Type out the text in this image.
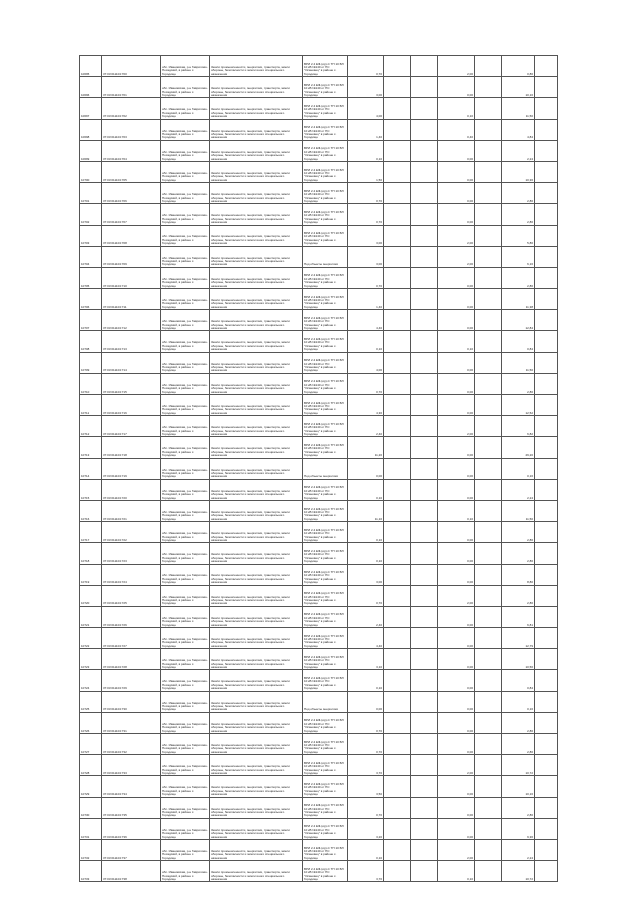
10695	37:03:011104:700	обл. Ивановская, р-н Гаврилово-Посадский, в районе с. Городище	Земли промышленности, энергетики, транспорта, земли обороны, безопасности и земли иного специального назначения	ВРИ 2.4 ЕФ-(ир)-С ТП 10 ВЛ 10 кВ №140 от ПС "Осановец" в районе с. Городище	0,70			2,00		0,86	
10696	37:03:011104:701	обл. Ивановская, р-н Гаврилово-Посадский, в районе с. Городище	Земли промышленности, энергетики, транспорта, земли обороны, безопасности и земли иного специального назначения	ВРИ 2.4 ЕФ-(ир)-С ТП 10 ВЛ 10 кВ №140 от ПС "Осановец" в районе с. Городище	3,00			0,00		10,16	
10697	37:03:011104:702	обл. Ивановская, р-н Гаврилово-Посадский, в районе с. Городище	Земли промышленности, энергетики, транспорта, земли обороны, безопасности и земли иного специального назначения	ВРИ 2.4 ЕФ-(ир)-С ТП 10 ВЛ 10 кВ №140 от ПС "Осановец" в районе с. Городище	4,00			0,10		11,50	
10698	37:03:011104:703	обл. Ивановская, р-н Гаврилово-Посадский, в районе с. Городище	Земли промышленности, энергетики, транспорта, земли обороны, безопасности и земли иного специального назначения	ВРИ 2.4 ЕФ-(ир)-С ТП 10 ВЛ 10 кВ №140 от ПС "Осановец" в районе с. Городище	1,40			0,40		4,84	
10699	37:03:011104:704	обл. Ивановская, р-н Гаврилово-Посадский, в районе с. Городище	Земли промышленности, энергетики, транспорта, земли обороны, безопасности и земли иного специального назначения	ВРИ 2.4 ЕФ-(ир)-С ТП 10 ВЛ 10 кВ №140 от ПС "Осановец" в районе с. Городище	0,10			0,00		2,24	
10700	37:03:011104:705	обл. Ивановская, р-н Гаврилово-Посадский, в районе с. Городище	Земли промышленности, энергетики, транспорта, земли обороны, безопасности и земли иного специального назначения	ВРИ 2.4 ЕФ-(ир)-С ТП 10 ВЛ 10 кВ №140 от ПС "Осановец" в районе с. Городище	1,50			0,00		10,36	
10701	37:03:011104:706	обл. Ивановская, р-н Гаврилово-Посадский, в районе с. Городище	Земли промышленности, энергетики, транспорта, земли обороны, безопасности и земли иного специального назначения	ВРИ 2.4 ЕФ-(ир)-С ТП 10 ВЛ 10 кВ №140 от ПС "Осановец" в районе с. Городище	0,70			0,00		2,86	
10702	37:03:011104:707	обл. Ивановская, р-н Гаврилово-Посадский, в районе с. Городище	Земли промышленности, энергетики, транспорта, земли обороны, безопасности и земли иного специального назначения	ВРИ 2.4 ЕФ-(ир)-С ТП 10 ВЛ 10 кВ №140 от ПС "Осановец" в районе с. Городище	0,70			0,00		2,86	
10703	37:03:011104:708	обл. Ивановская, р-н Гаврилово-Посадский, в районе с. Городище	Земли промышленности, энергетики, транспорта, земли обороны, безопасности и земли иного специального назначения	ВРИ 2.4 ЕФ-(ир)-С ТП 10 ВЛ 10 кВ №140 от ПС "Осановец" в районе с. Городище	3,00			2,00		5,86	
10704	37:03:011104:709	обл. Ивановская, р-н Гаврилово-Посадский, в районе с. Городище	Земли промышленности, энергетики, транспорта, земли обороны, безопасности и земли иного специального назначения	Под объекты энергетики	3,00			2,00		6,16	
10705	37:03:011104:710	обл. Ивановская, р-н Гаврилово-Посадский, в районе с. Городище	Земли промышленности, энергетики, транспорта, земли обороны, безопасности и земли иного специального назначения	ВРИ 2.4 ЕФ-(ир)-С ТП 10 ВЛ 10 кВ №140 от ПС "Осановец" в районе с. Городище	0,70			0,00		2,86	
10706	37:03:011104:711	обл. Ивановская, р-н Гаврилово-Посадский, в районе с. Городище	Земли промышленности, энергетики, транспорта, земли обороны, безопасности и земли иного специального назначения	ВРИ 2.4 ЕФ-(ир)-С ТП 10 ВЛ 10 кВ №140 от ПС "Осановец" в районе с. Городище	1,40			0,00		11,38	
10707	37:03:011104:712	обл. Ивановская, р-н Гаврилово-Посадский, в районе с. Городище	Земли промышленности, энергетики, транспорта, земли обороны, безопасности и земли иного специального назначения	ВРИ 2.4 ЕФ-(ир)-С ТП 10 ВЛ 10 кВ №140 от ПС "Осановец" в районе с. Городище	4,40			0,00		12,84	
10708	37:03:011104:713	обл. Ивановская, р-н Гаврилово-Посадский, в районе с. Городище	Земли промышленности, энергетики, транспорта, земли обороны, безопасности и земли иного специального назначения	ВРИ 2.4 ЕФ-(ир)-С ТП 10 ВЛ 10 кВ №140 от ПС "Осановец" в районе с. Городище	0,10			0,10		0,84	
10709	37:03:011104:714	обл. Ивановская, р-н Гаврилово-Посадский, в районе с. Городище	Земли промышленности, энергетики, транспорта, земли обороны, безопасности и земли иного специального назначения	ВРИ 2.4 ЕФ-(ир)-С ТП 10 ВЛ 10 кВ №140 от ПС "Осановец" в районе с. Городище	4,00			0,00		11,50	
10710	37:03:011104:715	обл. Ивановская, р-н Гаврилово-Посадский, в районе с. Городище	Земли промышленности, энергетики, транспорта, земли обороны, безопасности и земли иного специального назначения	ВРИ 2.4 ЕФ-(ир)-С ТП 10 ВЛ 10 кВ №140 от ПС "Осановец" в районе с. Городище	0,70			0,00		2,86	
10711	37:03:011104:716	обл. Ивановская, р-н Гаврилово-Посадский, в районе с. Городище	Земли промышленности, энергетики, транспорта, земли обороны, безопасности и земли иного специального назначения	ВРИ 2.4 ЕФ-(ир)-С ТП 10 ВЛ 10 кВ №140 от ПС "Осановец" в районе с. Городище	4,30			0,00		12,52	
10712	37:03:011104:717	обл. Ивановская, р-н Гаврилово-Посадский, в районе с. Городище	Земли промышленности, энергетики, транспорта, земли обороны, безопасности и земли иного специального назначения	ВРИ 2.4 ЕФ-(ир)-С ТП 10 ВЛ 10 кВ №140 от ПС "Осановец" в районе с. Городище	2,40			2,00		6,82	
10713	37:03:011104:718	обл. Ивановская, р-н Гаврилово-Посадский, в районе с. Городище	Земли промышленности, энергетики, транспорта, земли обороны, безопасности и земли иного специального назначения	ВРИ 2.4 ЕФ-(ир)-С ТП 10 ВЛ 10 кВ №140 от ПС "Осановец" в районе с. Городище	11,20			0,00		29,20	
10714	37:03:011104:719	обл. Ивановская, р-н Гаврилово-Посадский, в районе с. Городище	Земли промышленности, энергетики, транспорта, земли обороны, безопасности и земли иного специального назначения	Под объекты энергетики	0,00			0,00		0,16	
10715	37:03:011104:720	обл. Ивановская, р-н Гаврилово-Посадский, в районе с. Городище	Земли промышленности, энергетики, транспорта, земли обороны, безопасности и земли иного специального назначения	ВРИ 2.4 ЕФ-(ир)-С ТП 10 ВЛ 10 кВ №140 от ПС "Осановец" в районе с. Городище	0,10			0,00		2,24	
10716	37:03:011104:721	обл. Ивановская, р-н Гаврилово-Посадский, в районе с. Городище	Земли промышленности, энергетики, транспорта, земли обороны, безопасности и земли иного специального назначения	ВРИ 2.4 ЕФ-(ир)-С ТП 10 ВЛ 10 кВ №140 от ПС "Осановец" в районе с. Городище	11,10			0,10		11,50	
10717	37:03:011104:722	обл. Ивановская, р-н Гаврилово-Посадский, в районе с. Городище	Земли промышленности, энергетики, транспорта, земли обороны, безопасности и земли иного специального назначения	ВРИ 2.4 ЕФ-(ир)-С ТП 10 ВЛ 10 кВ №140 от ПС "Осановец" в районе с. Городище	0,10			0,00		2,86	
10718	37:03:011104:723	обл. Ивановская, р-н Гаврилово-Посадский, в районе с. Городище	Земли промышленности, энергетики, транспорта, земли обороны, безопасности и земли иного специального назначения	ВРИ 2.4 ЕФ-(ир)-С ТП 10 ВЛ 10 кВ №140 от ПС "Осановец" в районе с. Городище	0,10			0,00		2,86	
10719	37:03:011104:724	обл. Ивановская, р-н Гаврилово-Посадский, в районе с. Городище	Земли промышленности, энергетики, транспорта, земли обороны, безопасности и земли иного специального назначения	ВРИ 2.4 ЕФ-(ир)-С ТП 10 ВЛ 10 кВ №140 от ПС "Осановец" в районе с. Городище	3,00			0,00		8,80	
10720	37:03:011104:725	обл. Ивановская, р-н Гаврилово-Посадский, в районе с. Городище	Земли промышленности, энергетики, транспорта, земли обороны, безопасности и земли иного специального назначения	ВРИ 2.4 ЕФ-(ир)-С ТП 10 ВЛ 10 кВ №140 от ПС "Осановец" в районе с. Городище	0,70			2,00		2,86	
10721	37:03:011104:726	обл. Ивановская, р-н Гаврилово-Посадский, в районе с. Городище	Земли промышленности, энергетики, транспорта, земли обороны, безопасности и земли иного специального назначения	ВРИ 2.4 ЕФ-(ир)-С ТП 10 ВЛ 10 кВ №140 от ПС "Осановец" в районе с. Городище	2,40			0,00		6,81	
10722	37:03:011104:727	обл. Ивановская, р-н Гаврилово-Посадский, в районе с. Городище	Земли промышленности, энергетики, транспорта, земли обороны, безопасности и земли иного специального назначения	ВРИ 2.4 ЕФ-(ир)-С ТП 10 ВЛ 10 кВ №140 от ПС "Осановец" в районе с. Городище	4,40			0,00		12,79	
10723	37:03:011104:728	обл. Ивановская, р-н Гаврилово-Посадский, в районе с. Городище	Земли промышленности, энергетики, транспорта, земли обороны, безопасности и земли иного специального назначения	ВРИ 2.4 ЕФ-(ир)-С ТП 10 ВЛ 10 кВ №140 от ПС "Осановец" в районе с. Городище	3,10			0,00		10,56	
10724	37:03:011104:729	обл. Ивановская, р-н Гаврилово-Посадский, в районе с. Городище	Земли промышленности, энергетики, транспорта, земли обороны, безопасности и земли иного специального назначения	ВРИ 2.4 ЕФ-(ир)-С ТП 10 ВЛ 10 кВ №140 от ПС "Осановец" в районе с. Городище	0,10			0,00		0,84	
10725	37:03:011104:730	обл. Ивановская, р-н Гаврилово-Посадский, в районе с. Городище	Земли промышленности, энергетики, транспорта, земли обороны, безопасности и земли иного специального назначения	Под объекты энергетики	0,00			0,00		0,16	
10726	37:03:011104:731	обл. Ивановская, р-н Гаврилово-Посадский, в районе с. Городище	Земли промышленности, энергетики, транспорта, земли обороны, безопасности и земли иного специального назначения	ВРИ 2.4 ЕФ-(ир)-С ТП 10 ВЛ 10 кВ №140 от ПС "Осановец" в районе с. Городище	0,70			0,00		2,86	
10727	37:03:011104:732	обл. Ивановская, р-н Гаврилово-Посадский, в районе с. Городище	Земли промышленности, энергетики, транспорта, земли обороны, безопасности и земли иного специального назначения	ВРИ 2.4 ЕФ-(ир)-С ТП 10 ВЛ 10 кВ №140 от ПС "Осановец" в районе с. Городище	0,70			0,00		2,86	
10728	37:03:011104:733	обл. Ивановская, р-н Гаврилово-Посадский, в районе с. Городище	Земли промышленности, энергетики, транспорта, земли обороны, безопасности и земли иного специального назначения	ВРИ 2.4 ЕФ-(ир)-С ТП 10 ВЛ 10 кВ №140 от ПС "Осановец" в районе с. Городище	3,70			2,00		10,72	
10729	37:03:011104:734	обл. Ивановская, р-н Гаврилово-Посадский, в районе с. Городище	Земли промышленности, энергетики, транспорта, земли обороны, безопасности и земли иного специального назначения	ВРИ 2.4 ЕФ-(ир)-С ТП 10 ВЛ 10 кВ №140 от ПС "Осановец" в районе с. Городище	3,50			0,00		10,16	
10730	37:03:011104:735	обл. Ивановская, р-н Гаврилово-Посадский, в районе с. Городище	Земли промышленности, энергетики, транспорта, земли обороны, безопасности и земли иного специального назначения	ВРИ 2.4 ЕФ-(ир)-С ТП 10 ВЛ 10 кВ №140 от ПС "Осановец" в районе с. Городище	0,70			0,00		2,86	
10731	37:03:011104:736	обл. Ивановская, р-н Гаврилово-Посадский, в районе с. Городище	Земли промышленности, энергетики, транспорта, земли обороны, безопасности и земли иного специального назначения	ВРИ 2.4 ЕФ-(ир)-С ТП 10 ВЛ 10 кВ №140 от ПС "Осановец" в районе с. Городище	3,20			0,00		9,36	
10732	37:03:011104:737	обл. Ивановская, р-н Гаврилово-Посадский, в районе с. Городище	Земли промышленности, энергетики, транспорта, земли обороны, безопасности и земли иного специального назначения	ВРИ 2.4 ЕФ-(ир)-С ТП 10 ВЛ 10 кВ №140 от ПС "Осановец" в районе с. Городище	0,10			2,00		2,24	
10733	37:03:011104:738	обл. Ивановская, р-н Гаврилово-Посадский, в районе с. Городище	Земли промышленности, энергетики, транспорта, земли обороны, безопасности и земли иного специального назначения	ВРИ 2.4 ЕФ-(ир)-С ТП 10 ВЛ 10 кВ №140 от ПС "Осановец" в районе с. Городище	3,70			0,10		10,72	
